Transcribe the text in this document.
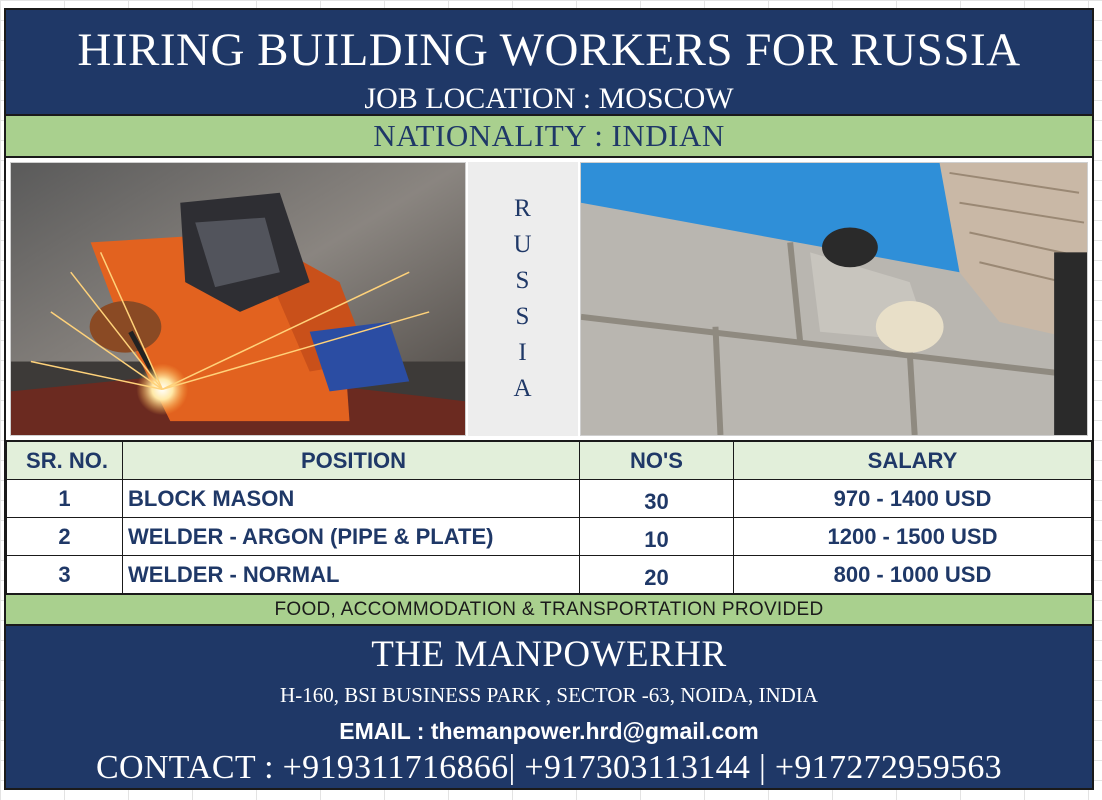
HIRING BUILDING WORKERS FOR RUSSIA
JOB LOCATION : MOSCOW
NATIONALITY : INDIAN
R
U
S
S
I
A
SR. NO.	POSITION	NO'S	SALARY
1	BLOCK MASON	30	970 - 1400 USD
2	WELDER - ARGON (PIPE & PLATE)	10	1200 - 1500 USD
3	WELDER - NORMAL	20	800 - 1000 USD
FOOD, ACCOMMODATION & TRANSPORTATION PROVIDED
THE MANPOWERHR
H-160, BSI BUSINESS PARK , SECTOR -63, NOIDA, INDIA
EMAIL : themanpower.hrd@gmail.com
CONTACT : +919311716866| +917303113144 | +917272959563
